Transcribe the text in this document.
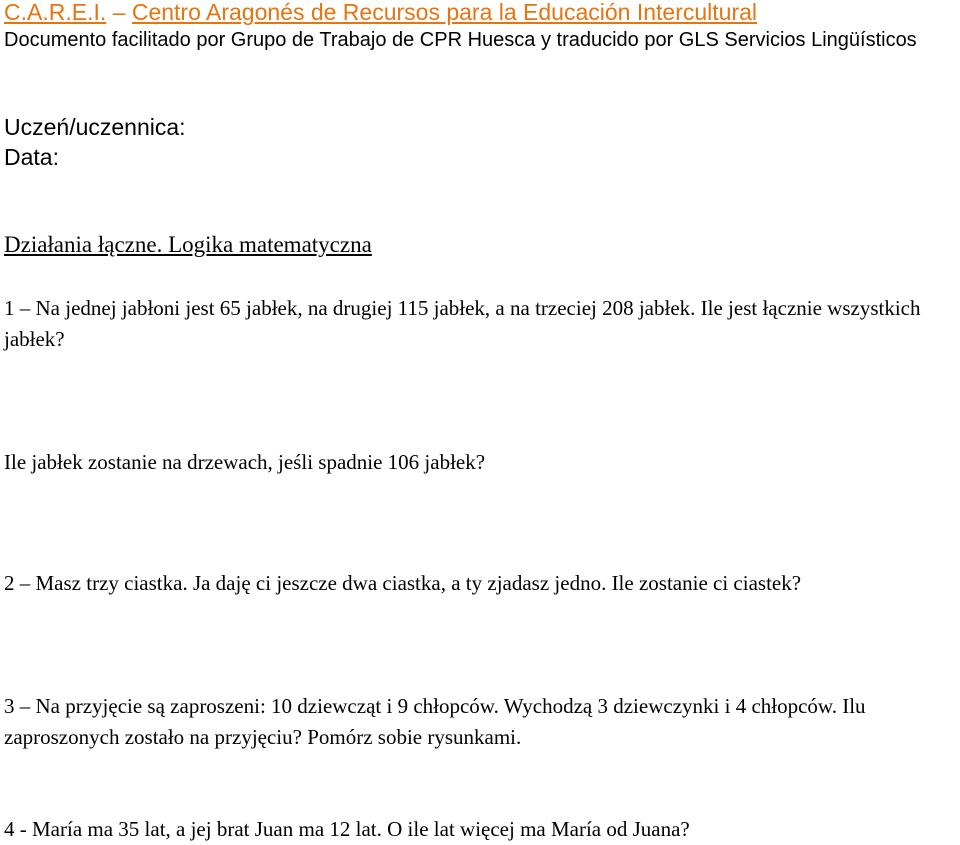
C.A.R.E.I. – Centro Aragonés de Recursos para la Educación Intercultural
Documento facilitado por Grupo de Trabajo de CPR Huesca y traducido por GLS Servicios Lingüísticos
Uczeń/uczennica:
Data:
Działania łączne. Logika matematyczna
1 – Na jednej jabłoni jest 65 jabłek, na drugiej 115 jabłek, a na trzeciej 208 jabłek. Ile jest łącznie wszystkich jabłek?
Ile jabłek zostanie na drzewach, jeśli spadnie 106 jabłek?
2 – Masz trzy ciastka. Ja daję ci jeszcze dwa ciastka, a ty zjadasz jedno. Ile zostanie ci ciastek?
3 – Na przyjęcie są zaproszeni: 10 dziewcząt i 9 chłopców. Wychodzą 3 dziewczynki i 4 chłopców. Ilu zaproszonych zostało na przyjęciu? Pomórz sobie rysunkami.
4 - María ma 35 lat, a jej brat Juan ma 12 lat. O ile lat więcej ma María od Juana?
